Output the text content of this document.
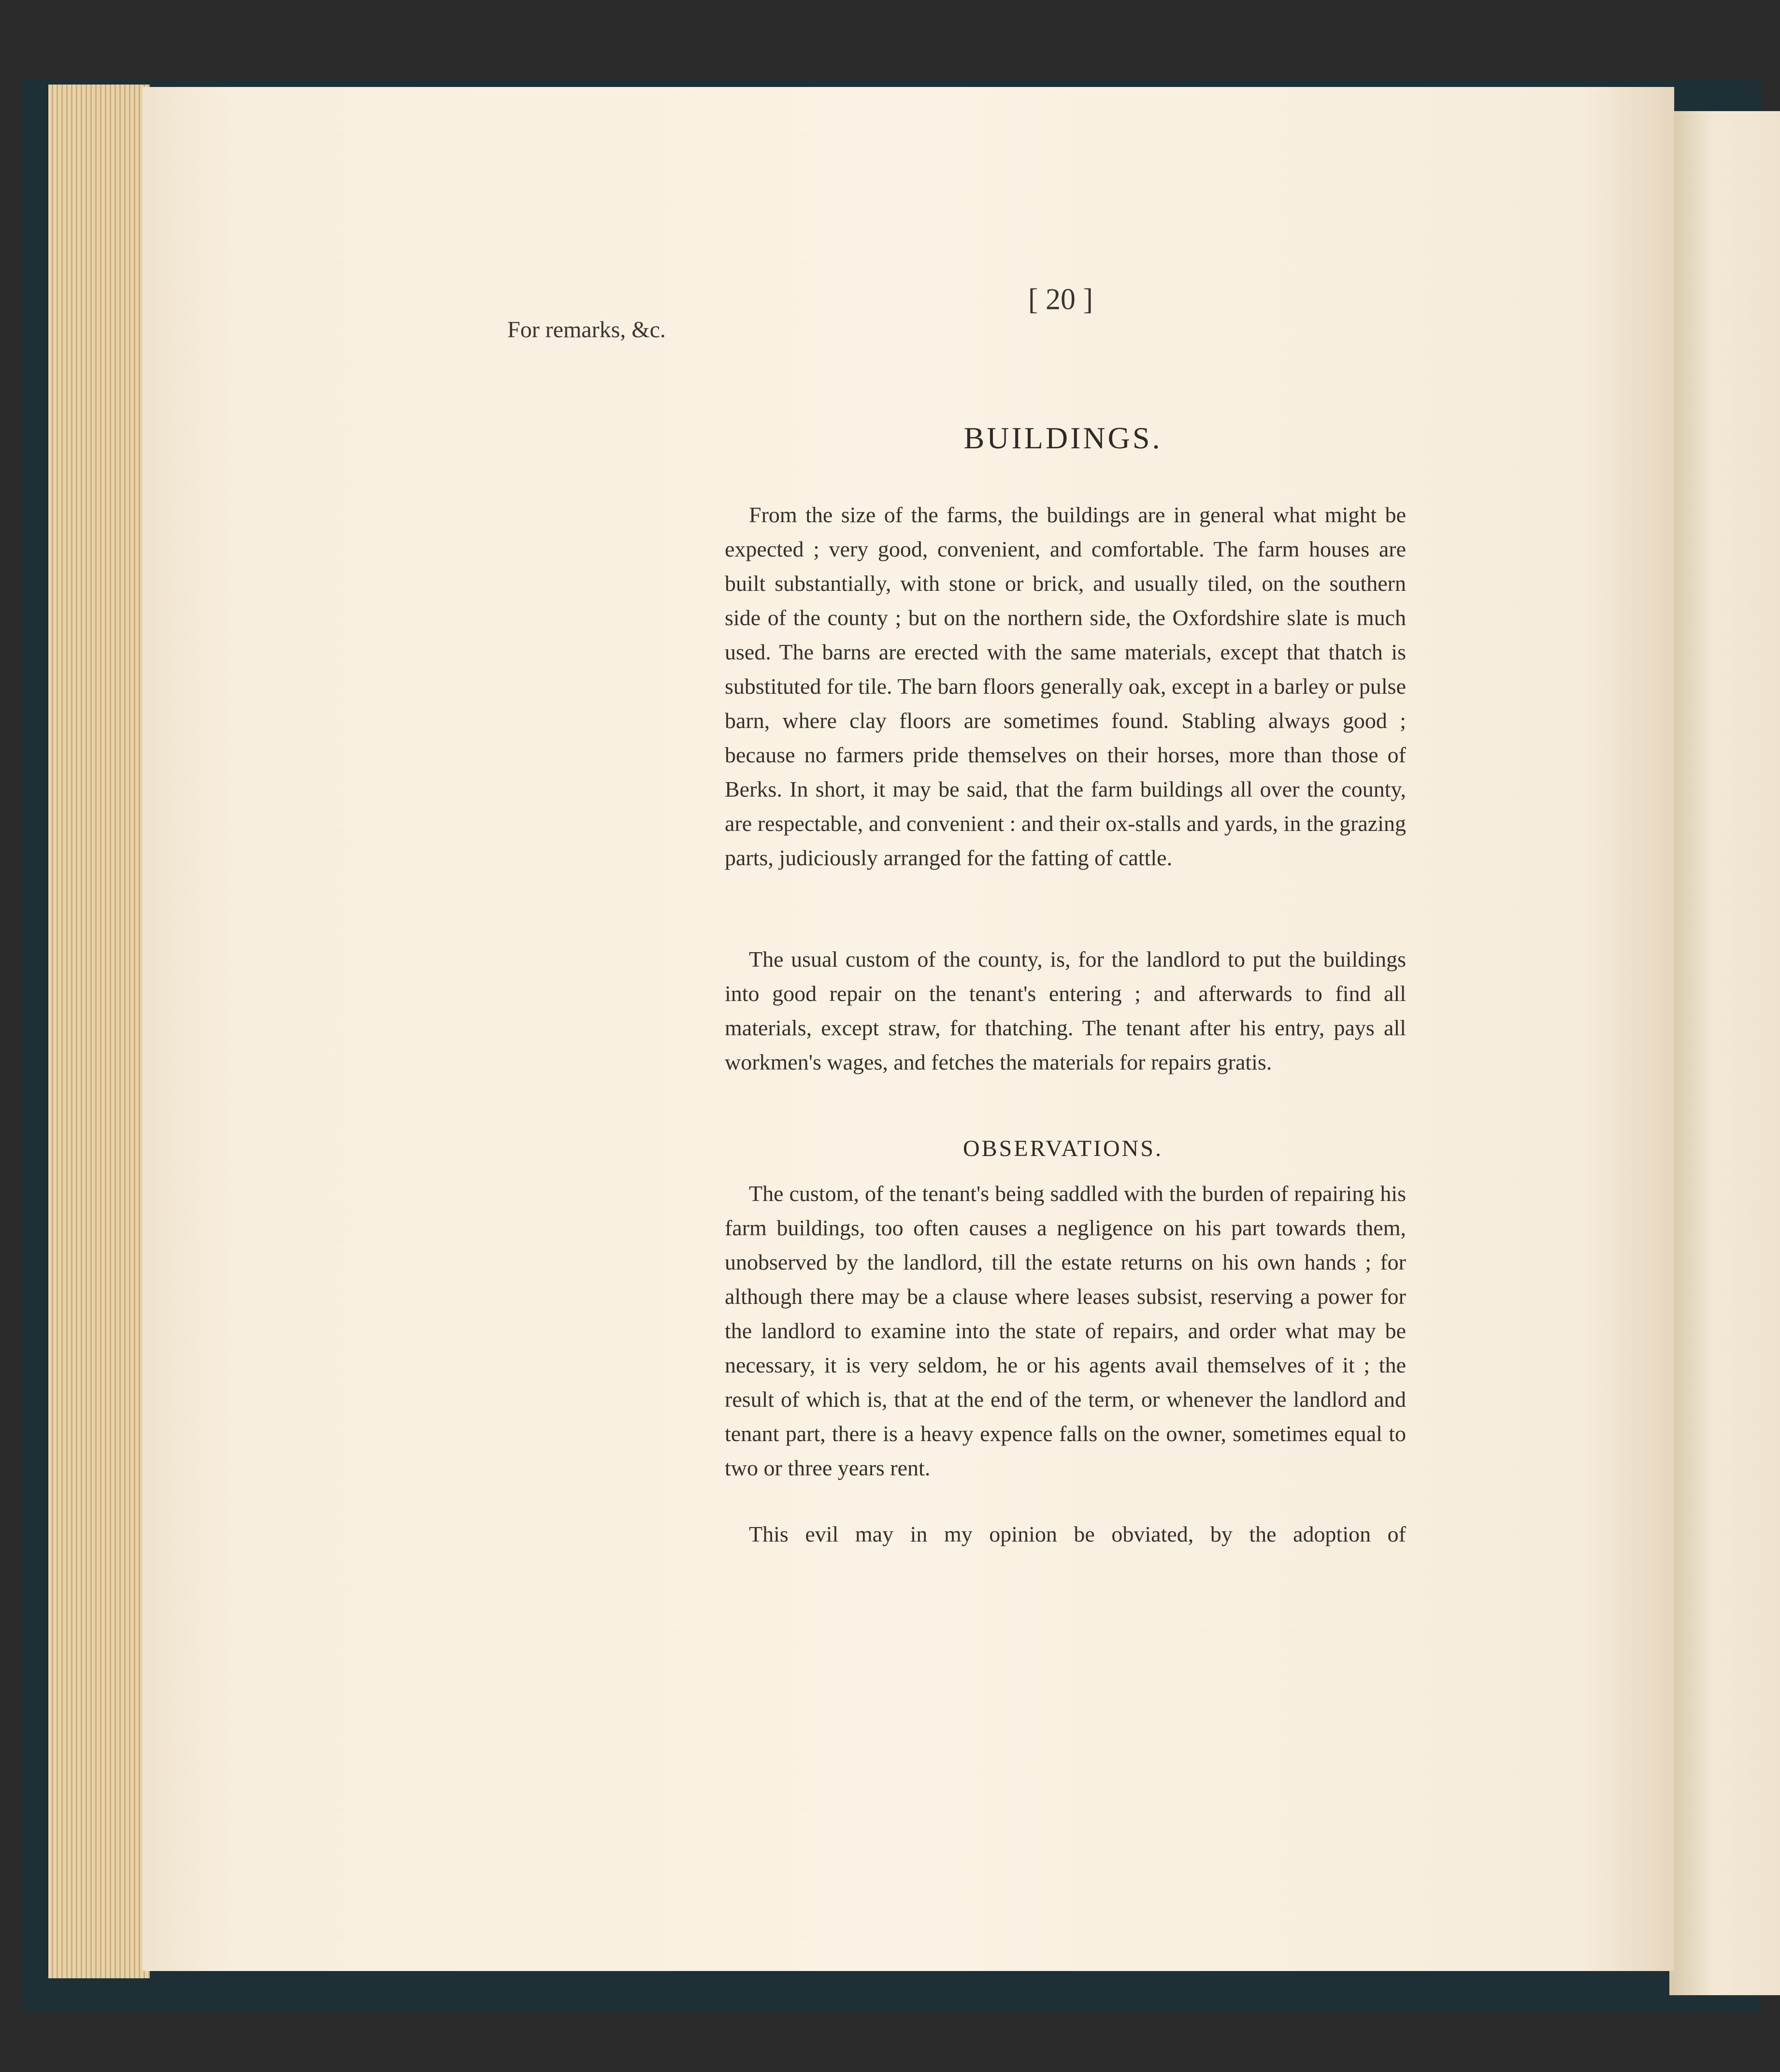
[ 20 ]
For remarks, &c.
BUILDINGS.

From the size of the farms, the buildings are in general what might be expected ; very good, convenient, and comfortable. The farm houses are built substantially, with stone or brick, and usually tiled, on the southern side of the county ; but on the northern side, the Oxfordshire slate is much used. The barns are erected with the same materials, except that thatch is substituted for tile. The barn floors generally oak, except in a barley or pulse barn, where clay floors are sometimes found. Stabling always good ; because no farmers pride themselves on their horses, more than those of Berks. In short, it may be said, that the farm buildings all over the county, are respectable, and convenient : and their ox-stalls and yards, in the grazing parts, judiciously arranged for the fatting of cattle.

The usual custom of the county, is, for the landlord to put the buildings into good repair on the tenant's entering ; and afterwards to find all materials, except straw, for thatching. The tenant after his entry, pays all workmen's wages, and fetches the materials for repairs gratis.

OBSERVATIONS.

The custom, of the tenant's being saddled with the burden of repairing his farm buildings, too often causes a negligence on his part towards them, unobserved by the landlord, till the estate returns on his own hands ; for although there may be a clause where leases subsist, reserving a power for the landlord to examine into the state of repairs, and order what may be necessary, it is very seldom, he or his agents avail themselves of it ; the result of which is, that at the end of the term, or whenever the landlord and tenant part, there is a heavy expence falls on the owner, sometimes equal to two or three years rent.

This evil may in my opinion be obviated, by the adoption of
